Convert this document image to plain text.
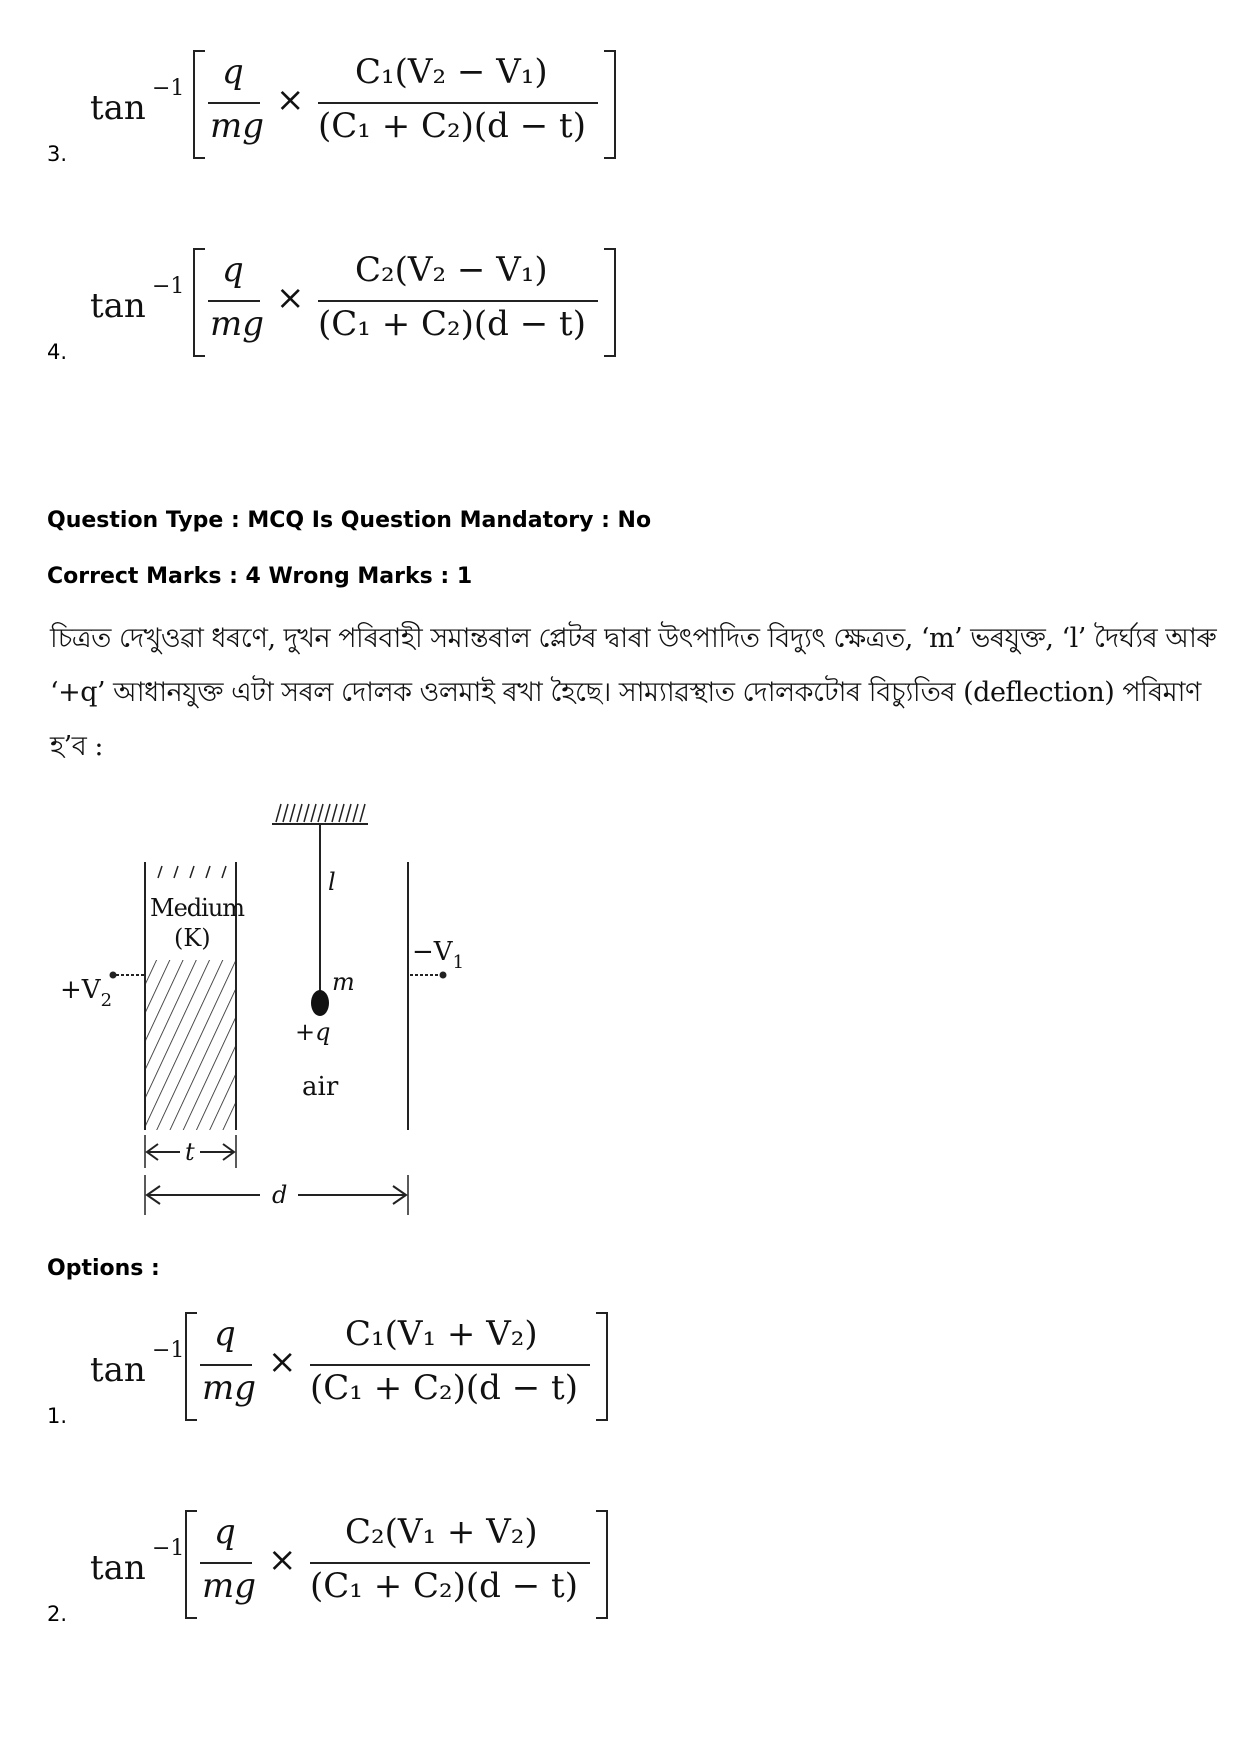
tan −1 q
mg
×
C₁(V₂ − V₁)
(C₁ + C₂)(d − t)
3.
tan −1 q
mg
×
C₂(V₂ − V₁)
(C₁ + C₂)(d − t)
4.
Question Type : MCQ Is Question Mandatory : No
Correct Marks : 4 Wrong Marks : 1
চিত্রত দেখুওৱা ধৰণে, দুখন পৰিবাহী সমান্তৰাল প্লেটৰ দ্বাৰা উৎপাদিত বিদ্যুৎ ক্ষেত্ৰত, ‘m’ ভৰযুক্ত, ‘l’ দৈৰ্ঘ্যৰ আৰু
‘+q’ আধানযুক্ত এটা সৰল দোলক ওলমাই ৰখা হৈছে। সাম্যাৱস্থাত দোলকটোৰ বিচ্যুতিৰ (deflection) পৰিমাণ
হ’ব :
l
m
+q
air
Medium
(K)
$+V_2$
$-V_1$
t
d
Options :
tan −1 q
mg
×
C₁(V₁ + V₂)
(C₁ + C₂)(d − t)
1.
tan −1 q
mg
×
C₂(V₁ + V₂)
(C₁ + C₂)(d − t)
2.
